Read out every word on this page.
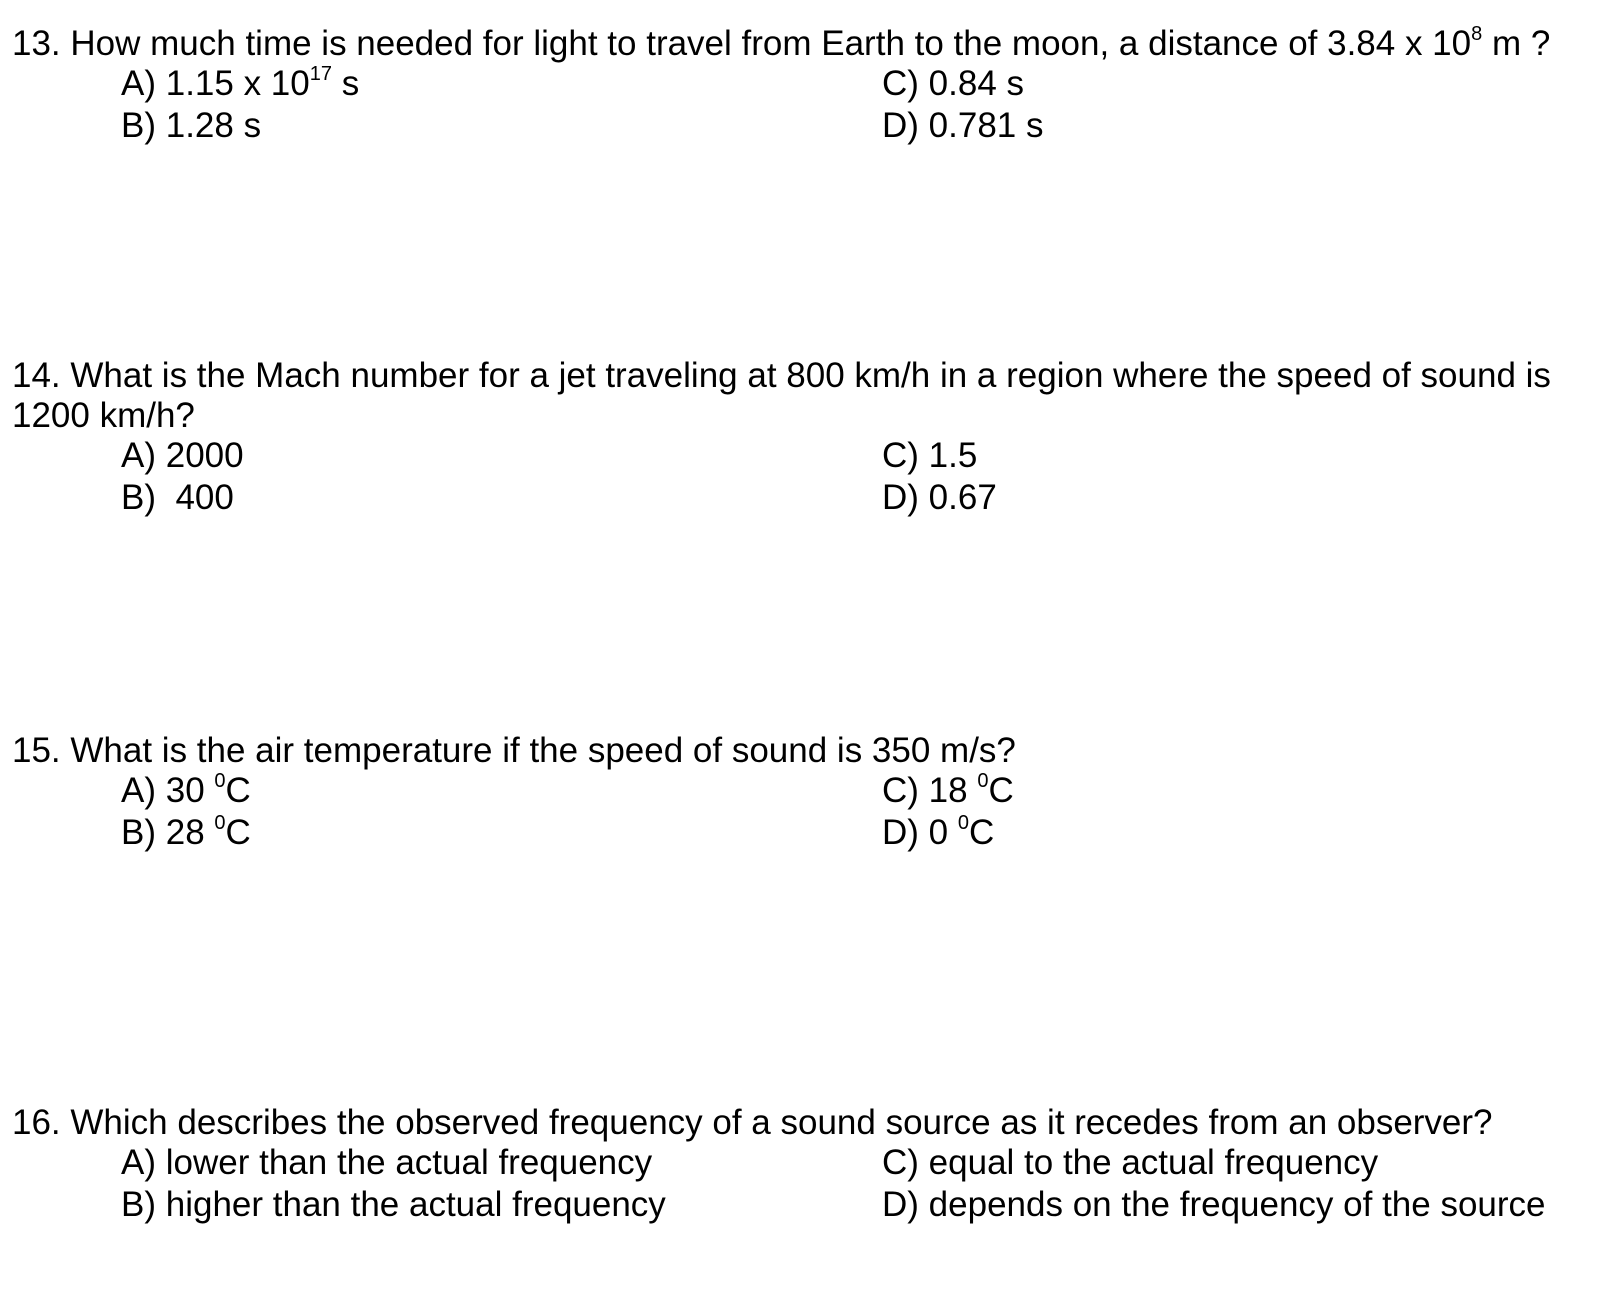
13. How much time is needed for light to travel from Earth to the moon, a distance of 3.84 x $10^8$ m ?
A) 1.15 x $10^{17}$ s
B) 1.28 s
C) 0.84 s
D) 0.781 s
14. What is the Mach number for a jet traveling at 800 km/h in a region where the speed of sound is 1200 km/h?
A) 2000
B)  400
C) 1.5
D) 0.67
15. What is the air temperature if the speed of sound is 350 m/s?
A) 30 $^0$C
B) 28 $^0$C
C) 18 $^0$C
D) 0 $^0$C
16. Which describes the observed frequency of a sound source as it recedes from an observer?
A) lower than the actual frequency
B) higher than the actual frequency
C) equal to the actual frequency
D) depends on the frequency of the source
